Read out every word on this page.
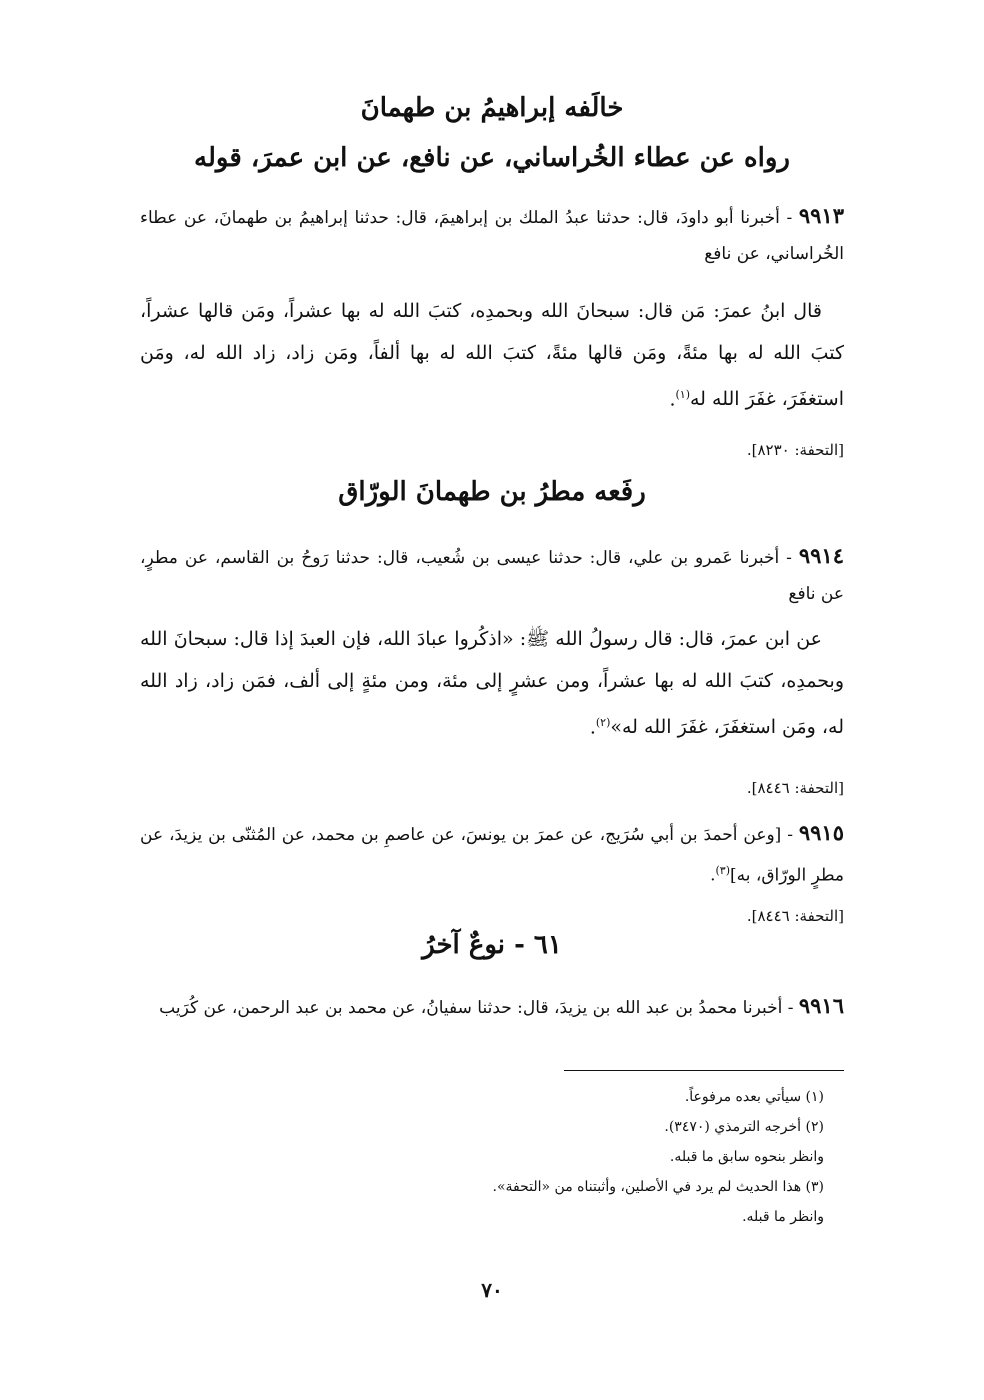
خالَفه إبراهيمُ بن طهمانَ
رواه عن عطاء الخُراساني، عن نافع، عن ابن عمرَ، قوله
٩٩١٣ - أخبرنا أبو داودَ، قال: حدثنا عبدُ الملك بن إبراهيمَ، قال: حدثنا إبراهيمُ بن طهمانَ، عن عطاء الخُراساني، عن نافع
قال ابنُ عمرَ: مَن قال: سبحانَ الله وبحمدِه، كتبَ الله له بها عشراً، ومَن قالها عشراً، كتبَ الله له بها مئةً، ومَن قالها مئةً، كتبَ الله له بها ألفاً، ومَن زاد، زاد الله له، ومَن استغفَرَ، غفَرَ الله له$^{(١)}$.
[التحفة: ٨٢٣٠].
رفَعه مطرُ بن طهمانَ الورّاق
٩٩١٤ - أخبرنا عَمرو بن علي، قال: حدثنا عيسى بن شُعيب، قال: حدثنا رَوحُ بن القاسم، عن مطرٍ، عن نافع
عن ابن عمرَ، قال: قال رسولُ الله ﷺ: «اذكُروا عبادَ الله، فإن العبدَ إذا قال: سبحانَ الله وبحمدِه، كتبَ الله له بها عشراً، ومن عشرٍ إلى مئة، ومن مئةٍ إلى ألف، فمَن زاد، زاد الله له، ومَن استغفَرَ، غفَرَ الله له»$^{(٢)}$.
[التحفة: ٨٤٤٦].
٩٩١٥ - [وعن أحمدَ بن أبي سُرَيج، عن عمرَ بن يونسَ، عن عاصمِ بن محمد، عن المُثنّى بن يزيدَ، عن مطرٍ الورّاق، به]$^{(٣)}$.
[التحفة: ٨٤٤٦].
٦١ - نوعٌ آخرُ
٩٩١٦ - أخبرنا محمدُ بن عبد الله بن يزيدَ، قال: حدثنا سفيانُ، عن محمد بن عبد الرحمن، عن كُرَيب
(١) سيأتي بعده مرفوعاً.
(٢) أخرجه الترمذي (٣٤٧٠).
وانظر بنحوه سابق ما قبله.
(٣) هذا الحديث لم يرد في الأصلين، وأثبتناه من «التحفة».
وانظر ما قبله.
٧٠
